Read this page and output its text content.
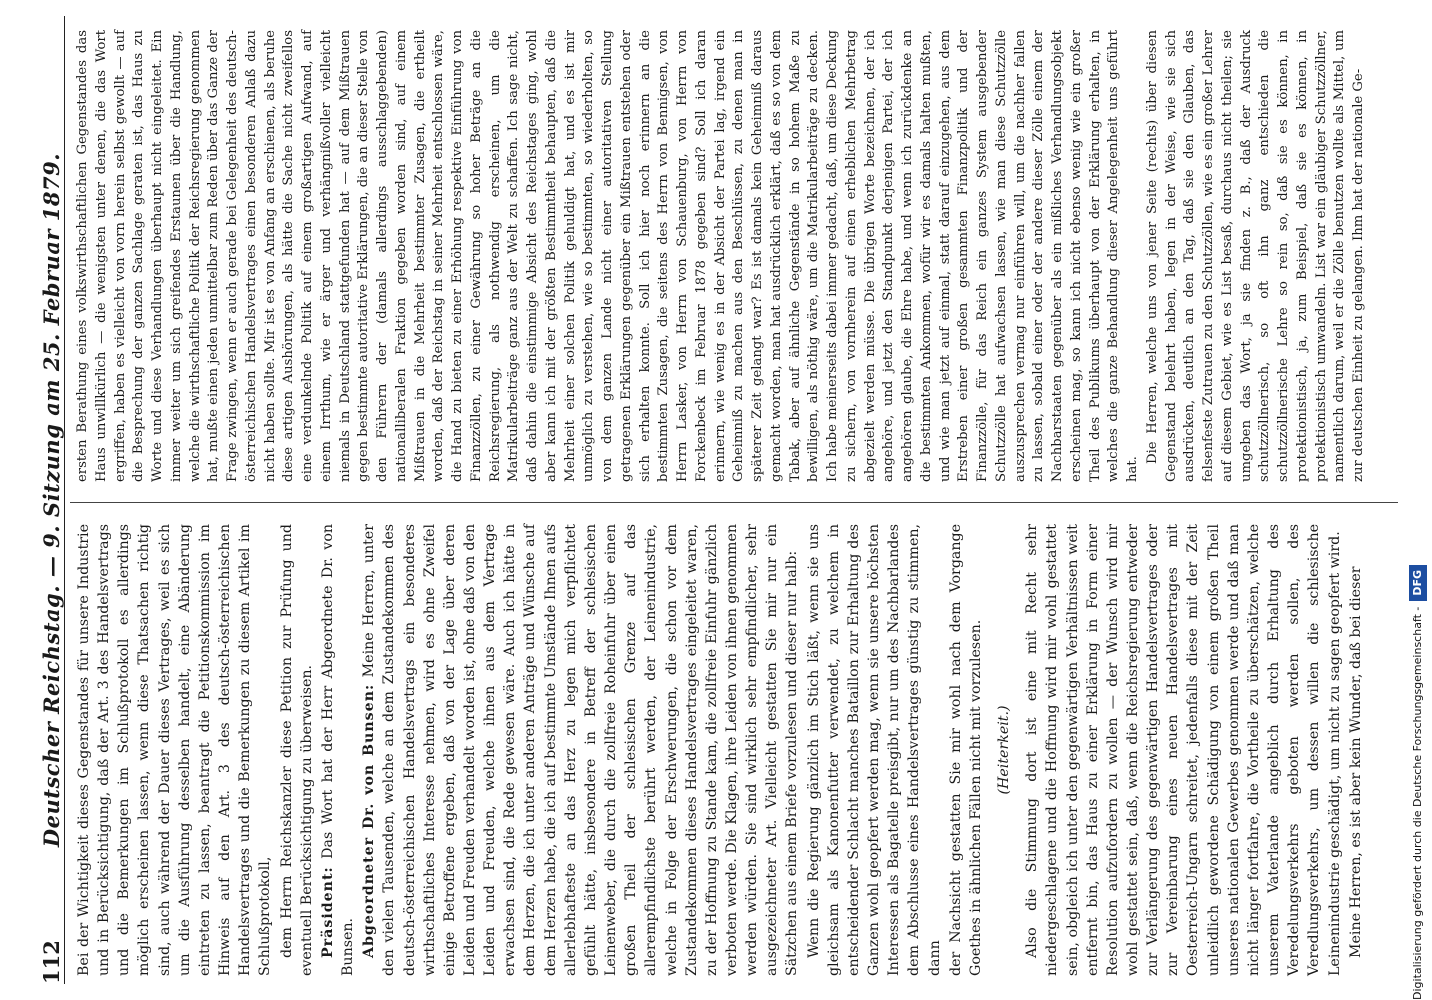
112
Deutscher Reichstag. — 9. Sitzung am 25. Februar 1879. Bei der Wichtigkeit dieses Gegenstandes für unsere Industrie und in Berücksichtigung, daß der Art. 3 des Handelsvertrags und die Bemerkungen im Schlußprotokoll es allerdings möglich erscheinen lassen, wenn diese Thatsachen richtig sind, auch während der Dauer dieses Vertrages, weil es sich um die Ausführung desselben handelt, eine Abänderung eintreten zu lassen, beantragt die Petitionskommission im Hinweis auf den Art. 3 des deutsch-österreichischen Handelsvertrages und die Bemerkungen zu diesem Artikel im Schlußprotokoll, dem Herrn Reichskanzler diese Petition zur Prüfung und eventuell Berücksichtigung zu überweisen. Präsident: Das Wort hat der Herr Abgeordnete Dr. von Bunsen. Abgeordneter Dr. von Bunsen: Meine Herren, unter den vielen Tausenden, welche an dem Zustandekommen des deutsch-österreichischen Handelsvertrags ein besonderes wirthschaftliches Interesse nehmen, wird es ohne Zweifel einige Betroffene ergeben, daß von der Lage über deren Leiden und Freuden verhandelt worden ist, ohne daß von den Leiden und Freuden, welche ihnen aus dem Vertrage erwachsen sind, die Rede gewesen wäre. Auch ich hätte in dem Herzen, die ich unter anderen Anträge und Wünsche auf dem Herzen habe, die ich auf bestimmte Umstände Ihnen aufs allerlebhafteste an das Herz zu legen mich verpflichtet gefühlt hätte, insbesondere in Betreff der schlesischen Leinenweber, die durch die zollfreie Roheinfuhr über einen großen Theil der schlesischen Grenze auf das allerempfindlichste berührt werden, der Leinenindustrie, welche in Folge der Erschwerungen, die schon vor dem Zustandekommen dieses Handelsvertrages eingeleitet waren, zu der Hoffnung zu Stande kam, die zollfreie Einfuhr gänzlich verboten werde. Die Klagen, ihre Leiden von ihnen genommen werden würden. Sie sind wirklich sehr empfindlicher, sehr ausgezeichneter Art. Vielleicht gestatten Sie mir nur ein Sätzchen aus einem Briefe vorzulesen und dieser nur halb: Wenn die Regierung gänzlich im Stich läßt, wenn sie uns gleichsam als Kanonenfutter verwendet, zu welchem in entscheidender Schlacht manches Bataillon zur Erhaltung des Ganzen wohl geopfert werden mag, wenn sie unsere höchsten Interessen als Bagatelle preisgibt, nur um des Nachbarlandes dem Abschlusse eines Handelsvertrages günstig zu stimmen, dann der Nachsicht gestatten Sie mir wohl nach dem Vorgange Goethes in ähnlichen Fällen nicht mit vorzulesen. (Heiterkeit.) Also die Stimmung dort ist eine mit Recht sehr niedergeschlagene und die Hoffnung wird mir wohl gestattet sein, obgleich ich unter den gegenwärtigen Verhältnissen weit entfernt bin, das Haus zu einer Erklärung in Form einer Resolution aufzufordern zu wollen — der Wunsch wird mir wohl gestattet sein, daß, wenn die Reichsregierung entweder zur Verlängerung des gegenwärtigen Handelsvertrages oder zur Vereinbarung eines neuen Handelsvertrages mit Oesterreich-Ungarn schreitet, jedenfalls diese mit der Zeit unleidlich gewordene Schädigung von einem großen Theil unseres nationalen Gewerbes genommen werde und daß man nicht länger fortfahre, die Vortheile zu überschätzen, welche unserem Vaterlande angeblich durch Erhaltung des Veredelungsverkehrs geboten werden sollen, des Veredlungsverkehrs, um dessen willen die schlesische Leinenindustrie geschädigt, um nicht zu sagen geopfert wird. Meine Herren, es ist aber kein Wunder, daß bei dieser

ersten Berathung eines volkswirthschaftlichen Gegenstandes das Haus unwillkürlich — die wenigsten unter denen, die das Wort ergriffen, haben es vielleicht von vorn herein selbst gewollt — auf die Besprechung der ganzen Sachlage geraten ist, das Haus zu Worte und diese Verhandlungen überhaupt nicht eingeleitet. Ein immer weiter um sich greifendes Erstaunen über die Handlung, welche die wirthschaftliche Politik der Reichsregierung genommen hat, mußte einen jeden unmittelbar zum Reden über das Ganze der Frage zwingen, wenn er auch gerade bei Gelegenheit des deutsch-österreichischen Handelsvertrages einen besonderen Anlaß dazu nicht haben sollte. Mir ist es von Anfang an erschienen, als beruhe diese artigen Aushörungen, als hätte die Sache nicht zweifellos eine verdunkelnde Politik auf einem großartigen Aufwand, auf einem Irrthum, wie er ärger und verhängnißvoller vielleicht niemals in Deutschland stattgefunden hat — auf dem Mißtrauen gegen bestimmte autoritative Erklärungen, die an dieser Stelle von den Führern der (damals allerdings ausschlaggebenden) nationalliberalen Fraktion gegeben worden sind, auf einem Mißtrauen in die Mehrheit bestimmter Zusagen, die ertheilt worden, daß der Reichstag in seiner Mehrheit entschlossen wäre, die Hand zu bieten zu einer Erhöhung respektive Einführung von Finanzzöllen, zu einer Gewährung so hoher Beträge an die Reichsregierung, als nothwendig erscheinen, um die Matrikularbeiträge ganz aus der Welt zu schaffen. Ich sage nicht, daß dahin die einstimmige Absicht des Reichstages ging, wohl aber kann ich mit der größten Bestimmtheit behaupten, daß die Mehrheit einer solchen Politik gehuldigt hat, und es ist mir unmöglich zu verstehen, wie so bestimmten, so wiederholten, so von dem ganzen Lande nicht einer autoritativen Stellung getragenen Erklärungen gegenüber ein Mißtrauen entstehen oder sich erhalten konnte. Soll ich hier noch erinnern an die bestimmten Zusagen, die seitens des Herrn von Bennigsen, von Herrn Lasker, von Herrn von Schauenburg, von Herrn von Forckenbeck im Februar 1878 gegeben sind? Soll ich daran erinnern, wie wenig es in der Absicht der Partei lag, irgend ein Geheimniß zu machen aus den Beschlüssen, zu denen man in späterer Zeit gelangt war? Es ist damals kein Geheimniß daraus gemacht worden, man hat ausdrücklich erklärt, daß es so von dem Tabak, aber auf ähnliche Gegenstände in so hohem Maße zu bewilligen, als nöthig wäre, um die Matrikularbeiträge zu decken. Ich habe meinerseits dabei immer gedacht, daß, um diese Deckung zu sichern, von vornherein auf einen erheblichen Mehrbetrag abgezielt werden müsse. Die übrigen Worte bezeichnen, der ich angehöre, und jetzt den Standpunkt derjenigen Partei, der ich angehören glaube, die Ehre habe, und wenn ich zurückdenke an die bestimmten Ankommen, wofür wir es damals halten mußten, und wie man jetzt auf einmal, statt darauf einzugehen, aus dem Erstreben einer großen gesammten Finanzpolitik und der Finanzzölle, für das Reich ein ganzes System ausgebender Schutzzölle hat aufwachsen lassen, wie man diese Schutzzölle auszusprechen vermag nur einführen will, um die nachher fallen zu lassen, sobald einer oder der andere dieser Zölle einem der Nachbarstaaten gegenüber als ein mißliches Verhandlungsobjekt erscheinen mag, so kann ich nicht ebenso wenig wie ein großer Theil des Publikums überhaupt von der Erklärung erhalten, in welches die ganze Behandlung dieser Angelegenheit uns geführt hat.

Die Herren, welche uns von jener Seite (rechts) über diesen Gegenstand belehrt haben, legen in der Weise, wie sie sich ausdrücken, deutlich an den Tag, daß sie den Glauben, das felsenfeste Zutrauen zu den Schutzzöllen, wie es ein großer Lehrer auf diesem Gebiet, wie es List besaß, durchaus nicht theilen; sie umgeben das Wort, ja sie finden z. B., daß der Ausdruck schutzzöllnerisch, so oft ihn ganz entschieden die schutzzöllnerische Lehre so rein so, daß sie es können, in protektionistisch, ja, zum Beispiel, daß sie es können, in protektionistisch umwandeln. List war ein gläubiger Schutzzöllner, namentlich darum, weil er die Zölle benutzen wollte als Mittel, um zur deutschen Einheit zu gelangen. Ihm hat der nationale Ge-

Digitalisierung gefördert durch die Deutsche Forschungsgemeinschaft -DFG
